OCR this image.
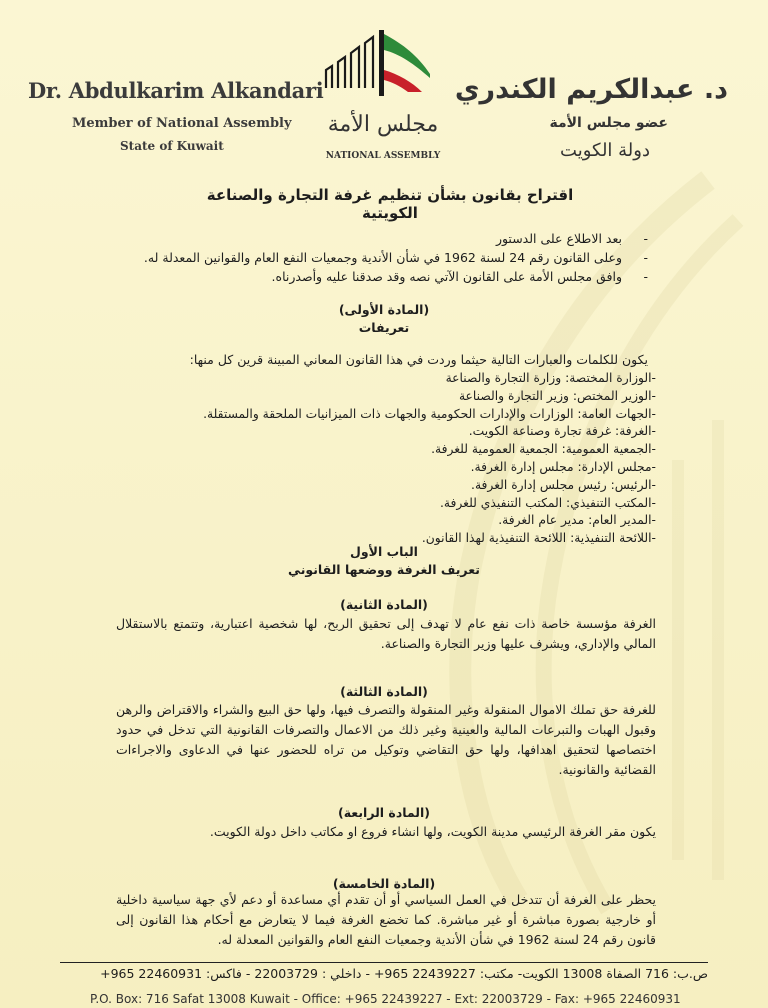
Dr. Abdulkarim Alkandari
Member of National Assembly
State of Kuwait
مجلس الأمة
NATIONAL ASSEMBLY
د. عبدالكريم الكندري
عضو مجلس الأمة
دولة الكويت
اقتراح بقانون بشأن تنظيم غرفة التجارة والصناعة الكويتية
- بعد الاطلاع على الدستور
- وعلى القانون رقم 24 لسنة 1962 في شأن الأندية وجمعيات النفع العام والقوانين المعدلة له.
- وافق مجلس الأمة على القانون الآتي نصه وقد صدقنا عليه وأصدرناه.
(المادة الأولى)
تعريفات
يكون للكلمات والعبارات التالية حيثما وردت في هذا القانون المعاني المبينة قرين كل منها:
-الوزارة المختصة: وزارة التجارة والصناعة
-الوزير المختص: وزير التجارة والصناعة
-الجهات العامة: الوزارات والإدارات الحكومية والجهات ذات الميزانيات الملحقة والمستقلة.
-الغرفة: غرفة تجارة وصناعة الكويت.
-الجمعية العمومية: الجمعية العمومية للغرفة.
-مجلس الإدارة: مجلس إدارة الغرفة.
-الرئيس: رئيس مجلس إدارة الغرفة.
-المكتب التنفيذي: المكتب التنفيذي للغرفة.
-المدير العام: مدير عام الغرفة.
-اللائحة التنفيذية: اللائحة التنفيذية لهذا القانون.
الباب الأول
تعريف الغرفة ووضعها القانوني
(المادة الثانية)
الغرفة مؤسسة خاصة ذات نفع عام لا تهدف إلى تحقيق الربح، لها شخصية اعتبارية، وتتمتع بالاستقلال المالي والإداري، ويشرف عليها وزير التجارة والصناعة.
(المادة الثالثة)
للغرفة حق تملك الاموال المنقولة وغير المنقولة والتصرف فيها، ولها حق البيع والشراء والاقتراض والرهن وقبول الهبات والتبرعات المالية والعينية وغير ذلك من الاعمال والتصرفات القانونية التي تدخل في حدود اختصاصها لتحقيق اهدافها، ولها حق التقاضي وتوكيل من تراه للحضور عنها في الدعاوى والاجراءات القضائية والقانونية.
(المادة الرابعة)
يكون مقر الغرفة الرئيسي مدينة الكويت، ولها انشاء فروع او مكاتب داخل دولة الكويت.
(المادة الخامسة)
يحظر على الغرفة أن تتدخل في العمل السياسي أو أن تقدم أي مساعدة أو دعم لأي جهة سياسية داخلية أو خارجية بصورة مباشرة أو غير مباشرة. كما تخضع الغرفة فيما لا يتعارض مع أحكام هذا القانون إلى قانون رقم 24 لسنة 1962 في شأن الأندية وجمعيات النفع العام والقوانين المعدلة له.
ص.ب: 716 الصفاة 13008 الكويت- مكتب: 22439227 965+ - داخلي : 22003729 - فاكس: 22460931 965+
P.O. Box: 716 Safat 13008 Kuwait - Office: +965 22439227 - Ext: 22003729 - Fax: +965 22460931
